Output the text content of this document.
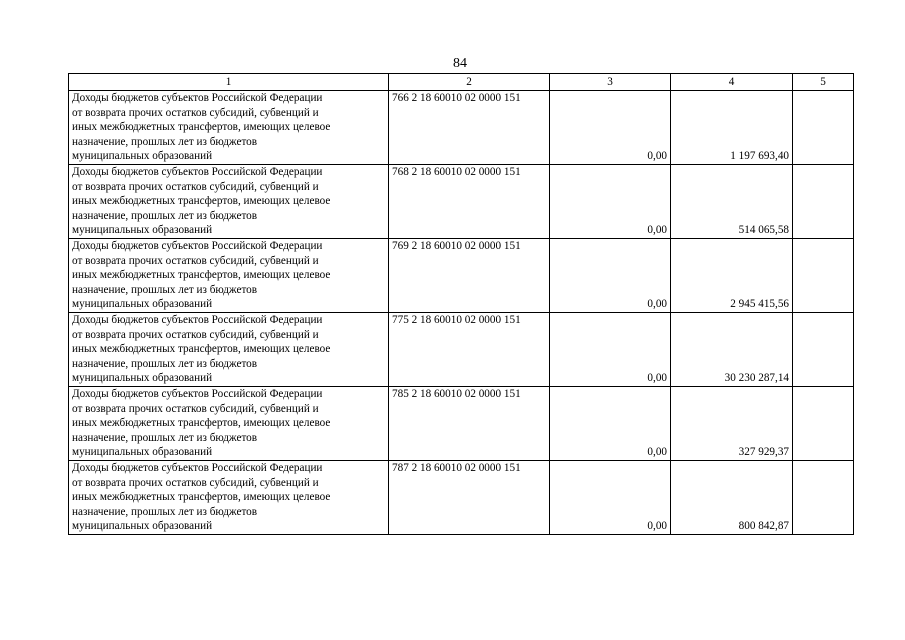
84
1	2	3	4	5

Доходы бюджетов субъектов Российской Федерации
от возврата прочих остатков субсидий, субвенций и
иных межбюджетных трансфертов, имеющих целевое
назначение, прошлых лет из бюджетов
муниципальных образований	766 2 18 60010 02 0000 151	0,00	1 197 693,40	

Доходы бюджетов субъектов Российской Федерации
от возврата прочих остатков субсидий, субвенций и
иных межбюджетных трансфертов, имеющих целевое
назначение, прошлых лет из бюджетов
муниципальных образований	768 2 18 60010 02 0000 151	0,00	514 065,58	

Доходы бюджетов субъектов Российской Федерации
от возврата прочих остатков субсидий, субвенций и
иных межбюджетных трансфертов, имеющих целевое
назначение, прошлых лет из бюджетов
муниципальных образований	769 2 18 60010 02 0000 151	0,00	2 945 415,56	

Доходы бюджетов субъектов Российской Федерации
от возврата прочих остатков субсидий, субвенций и
иных межбюджетных трансфертов, имеющих целевое
назначение, прошлых лет из бюджетов
муниципальных образований	775 2 18 60010 02 0000 151	0,00	30 230 287,14	

Доходы бюджетов субъектов Российской Федерации
от возврата прочих остатков субсидий, субвенций и
иных межбюджетных трансфертов, имеющих целевое
назначение, прошлых лет из бюджетов
муниципальных образований	785 2 18 60010 02 0000 151	0,00	327 929,37	

Доходы бюджетов субъектов Российской Федерации
от возврата прочих остатков субсидий, субвенций и
иных межбюджетных трансфертов, имеющих целевое
назначение, прошлых лет из бюджетов
муниципальных образований	787 2 18 60010 02 0000 151	0,00	800 842,87	
